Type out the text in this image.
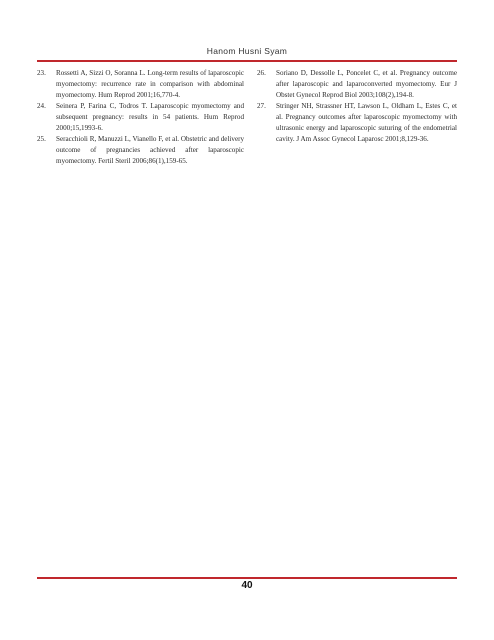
Hanom Husni Syam
23. Rossetti A, Sizzi O, Soranna L. Long-term results of laparoscopic myomectomy: recurrence rate in comparison with abdominal myomectomy. Hum Reprod 2001;16,770-4.
24. Seinera P, Farina C, Todros T. Laparoscopic myomectomy and subsequent pregnancy: results in 54 patients. Hum Reprod 2000;15,1993-6.
25. Seracchioli R, Manuzzi L, Vianello F, et al. Obstetric and delivery outcome of pregnancies achieved after laparoscopic myomectomy. Fertil Steril 2006;86(1),159-65.
26. Soriano D, Dessolle L, Poncelet C, et al. Pregnancy outcome after laparoscopic and laparoconverted myomectomy. Eur J Obstet Gynecol Reprod Biol 2003;108(2),194-8.
27. Stringer NH, Strassner HT, Lawson L, Oldham L, Estes C, et al. Pregnancy outcomes after laparoscopic myomectomy with ultrasonic energy and laparoscopic suturing of the endometrial cavity. J Am Assoc Gynecol Laparosc 2001;8,129-36.
40
